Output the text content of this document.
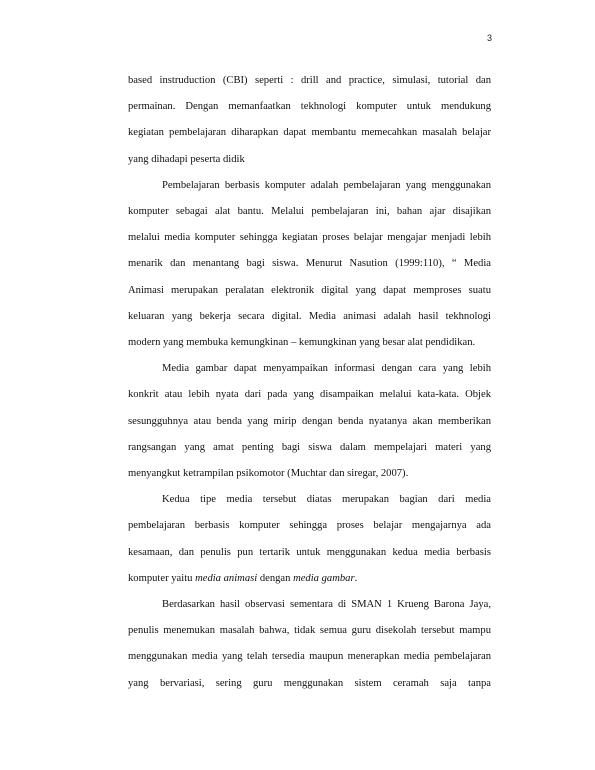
3
based instruduction (CBI) seperti : drill and practice, simulasi, tutorial dan
permainan. Dengan memanfaatkan tekhnologi komputer untuk mendukung
kegiatan pembelajaran diharapkan dapat membantu memecahkan masalah belajar
yang dihadapi peserta didik
Pembelajaran berbasis komputer adalah pembelajaran yang menggunakan
komputer sebagai alat bantu. Melalui pembelajaran ini, bahan ajar disajikan
melalui media komputer sehingga kegiatan proses belajar mengajar menjadi lebih
menarik dan menantang bagi siswa. Menurut Nasution (1999:110), “ Media
Animasi merupakan peralatan elektronik digital yang dapat memproses suatu
keluaran yang bekerja secara digital. Media animasi adalah hasil tekhnologi
modern yang membuka kemungkinan – kemungkinan yang besar alat pendidikan.
Media gambar dapat menyampaikan informasi dengan cara yang lebih
konkrit atau lebih nyata dari pada yang disampaikan melalui kata-kata. Objek
sesungguhnya atau benda yang mirip dengan benda nyatanya akan memberikan
rangsangan yang amat penting bagi siswa dalam mempelajari materi yang
menyangkut ketrampilan psikomotor (Muchtar dan siregar, 2007).
Kedua tipe media tersebut diatas merupakan bagian dari media
pembelajaran berbasis komputer sehingga proses belajar mengajarnya ada
kesamaan, dan penulis pun tertarik untuk menggunakan kedua media berbasis
komputer yaitu media animasi dengan media gambar.
Berdasarkan hasil observasi sementara di SMAN 1 Krueng Barona Jaya,
penulis menemukan masalah bahwa, tidak semua guru disekolah tersebut mampu
menggunakan media yang telah tersedia maupun menerapkan media pembelajaran
yang bervariasi, sering guru menggunakan sistem ceramah saja tanpa
